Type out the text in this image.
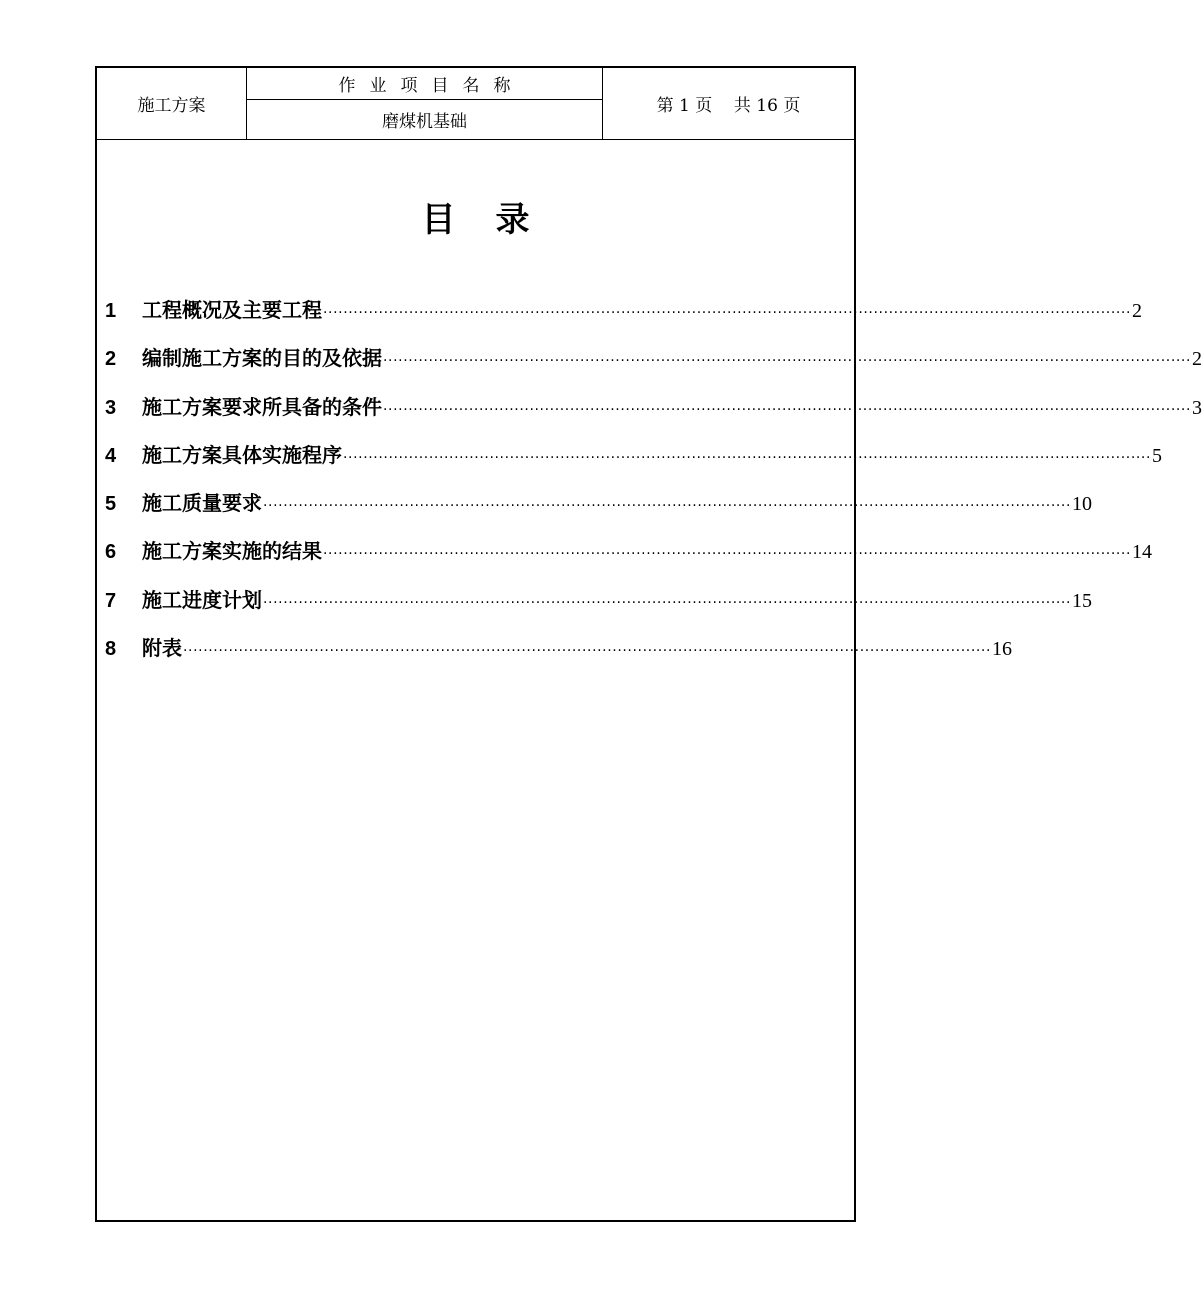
施工方案
作业项目名称
磨煤机基础
第 1 页    共 16 页
目录
1	工程概况及主要工程 ································································································································································ 2
2	编制施工方案的目的及依据 ································································································································································ 2
3	施工方案要求所具备的条件 ································································································································································ 3
4	施工方案具体实施程序 ································································································································································ 5
5	施工质量要求 ································································································································································ 10
6	施工方案实施的结果 ································································································································································ 14
7	施工进度计划 ································································································································································ 15
8	附表 ································································································································································ 16
